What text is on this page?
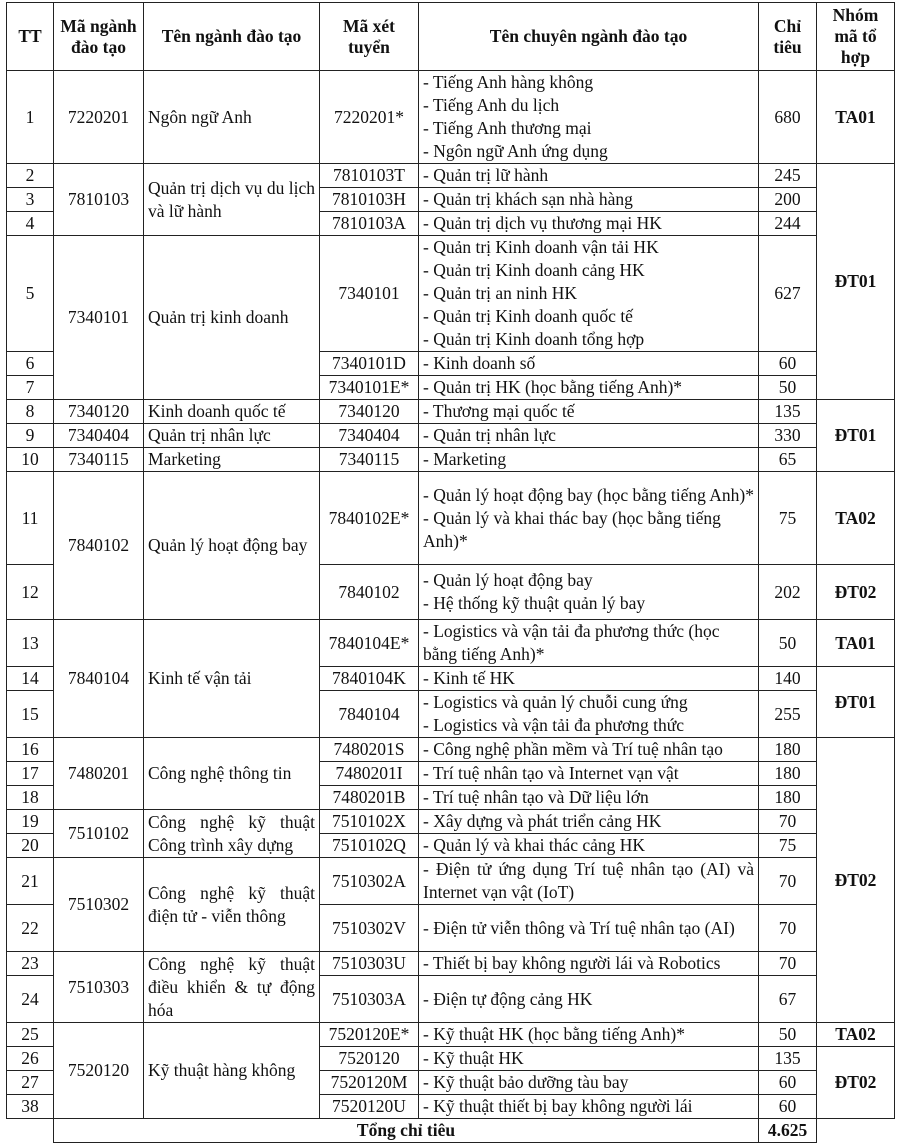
TT	Mã ngành đào tạo	Tên ngành đào tạo	Mã xét tuyển	Tên chuyên ngành đào tạo	Chỉ tiêu	Nhóm mã tổ hợp	
1	7220201	Ngôn ngữ Anh	7220201*	- Tiếng Anh hàng không
- Tiếng Anh du lịch
- Tiếng Anh thương mại
- Ngôn ngữ Anh ứng dụng	680	TA01	
2	7810103	Quản trị dịch vụ du lịch và lữ hành	7810103T	- Quản trị lữ hành	245	ĐT01	
3			7810103H	- Quản trị khách sạn nhà hàng	200		
4			7810103A	- Quản trị dịch vụ thương mại HK	244		
5	7340101	Quản trị kinh doanh	7340101	- Quản trị Kinh doanh vận tải HK
- Quản trị Kinh doanh cảng HK
- Quản trị an ninh HK
- Quản trị Kinh doanh quốc tế
- Quản trị Kinh doanh tổng hợp	627		
6			7340101D	- Kinh doanh số	60		
7			7340101E*	- Quản trị HK (học bằng tiếng Anh)*	50	
8	7340120	Kinh doanh quốc tế	7340120	- Thương mại quốc tế	135	ĐT01	
9	7340404	Quản trị nhân lực	7340404	- Quản trị nhân lực	330		
10	7340115	Marketing	7340115	- Marketing	65		
11	7840102	Quản lý hoạt động bay	7840102E*	- Quản lý hoạt động bay (học bằng tiếng Anh)*
- Quản lý và khai thác bay (học bằng tiếng Anh)*	75	TA02	
12			7840102	- Quản lý hoạt động bay
- Hệ thống kỹ thuật quản lý bay	202	ĐT02	
13	7840104	Kinh tế vận tải	7840104E*	- Logistics và vận tải đa phương thức (học bằng tiếng Anh)*	50	TA01	
14			7840104K	- Kinh tế HK	140	ĐT01	
15			7840104	- Logistics và quản lý chuỗi cung ứng
- Logistics và vận tải đa phương thức	255		
16	7480201	Công nghệ thông tin	7480201S	- Công nghệ phần mềm và Trí tuệ nhân tạo	180	ĐT02	
17			7480201I	- Trí tuệ nhân tạo và Internet vạn vật	180		
18			7480201B	- Trí tuệ nhân tạo và Dữ liệu lớn	180		
19	7510102	Công nghệ kỹ thuật Công trình xây dựng	7510102X	- Xây dựng và phát triển cảng HK	70		
20			7510102Q	- Quản lý và khai thác cảng HK	75		
21	7510302	Công nghệ kỹ thuật điện tử - viễn thông	7510302A	- Điện tử ứng dụng Trí tuệ nhân tạo (AI) và Internet vạn vật (IoT)	70		
22			7510302V	- Điện tử viễn thông và Trí tuệ nhân tạo (AI)	70		
23	7510303	Công nghệ kỹ thuật điều khiển & tự động hóa	7510303U	- Thiết bị bay không người lái và Robotics	70		
24			7510303A	- Điện tự động cảng HK	67		
25	7520120	Kỹ thuật hàng không	7520120E*	- Kỹ thuật HK (học bằng tiếng Anh)*	50	TA02	
26			7520120	- Kỹ thuật HK	135	ĐT02	
27			7520120M	- Kỹ thuật bảo dưỡng tàu bay	60		
38			7520120U	- Kỹ thuật thiết bị bay không người lái	60		
	Tổng chỉ tiêu				4.625		
